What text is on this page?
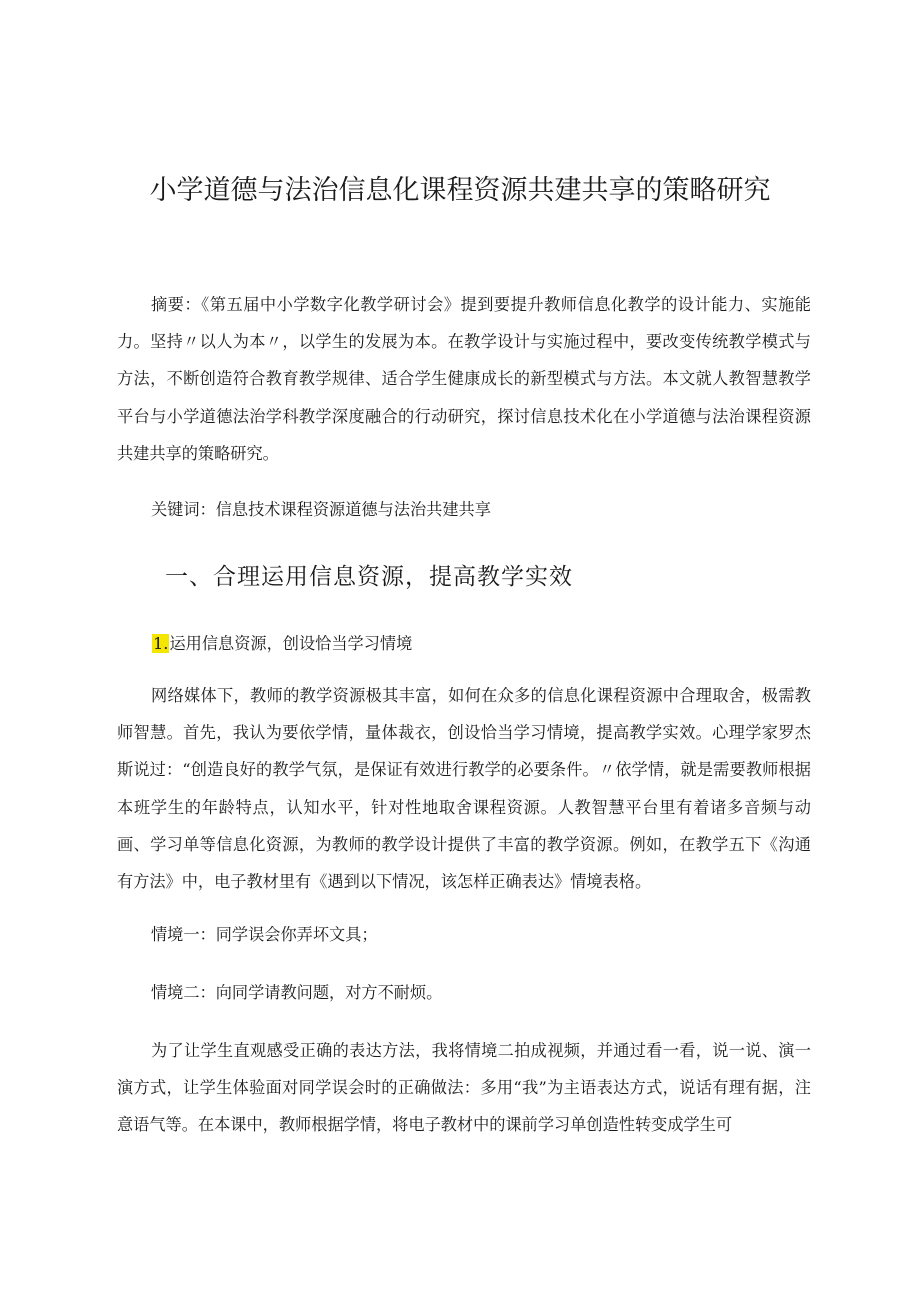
小学道德与法治信息化课程资源共建共享的策略研究

摘要：《第五届中小学数字化教学研讨会》提到要提升教师信息化教学的设计能力、实施能力。坚持〃以人为本〃，以学生的发展为本。在教学设计与实施过程中，要改变传统教学模式与方法，不断创造符合教育教学规律、适合学生健康成长的新型模式与方法。本文就人教智慧教学平台与小学道德法治学科教学深度融合的行动研究，探讨信息技术化在小学道德与法治课程资源共建共享的策略研究。

关键词：信息技术课程资源道德与法治共建共享

一、合理运用信息资源，提高教学实效

1.运用信息资源，创设恰当学习情境

网络媒体下，教师的教学资源极其丰富，如何在众多的信息化课程资源中合理取舍，极需教师智慧。首先，我认为要依学情，量体裁衣，创设恰当学习情境，提高教学实效。心理学家罗杰斯说过：“创造良好的教学气氛，是保证有效进行教学的必要条件。〃依学情，就是需要教师根据本班学生的年龄特点，认知水平，针对性地取舍课程资源。人教智慧平台里有着诸多音频与动画、学习单等信息化资源，为教师的教学设计提供了丰富的教学资源。例如，在教学五下《沟通有方法》中，电子教材里有《遇到以下情况，该怎样正确表达》情境表格。

情境一：同学误会你弄坏文具；

情境二：向同学请教问题，对方不耐烦。

为了让学生直观感受正确的表达方法，我将情境二拍成视频，并通过看一看，说一说、演一演方式，让学生体验面对同学误会时的正确做法：多用“我”为主语表达方式，说话有理有据，注意语气等。在本课中，教师根据学情，将电子教材中的课前学习单创造性转变成学生可
